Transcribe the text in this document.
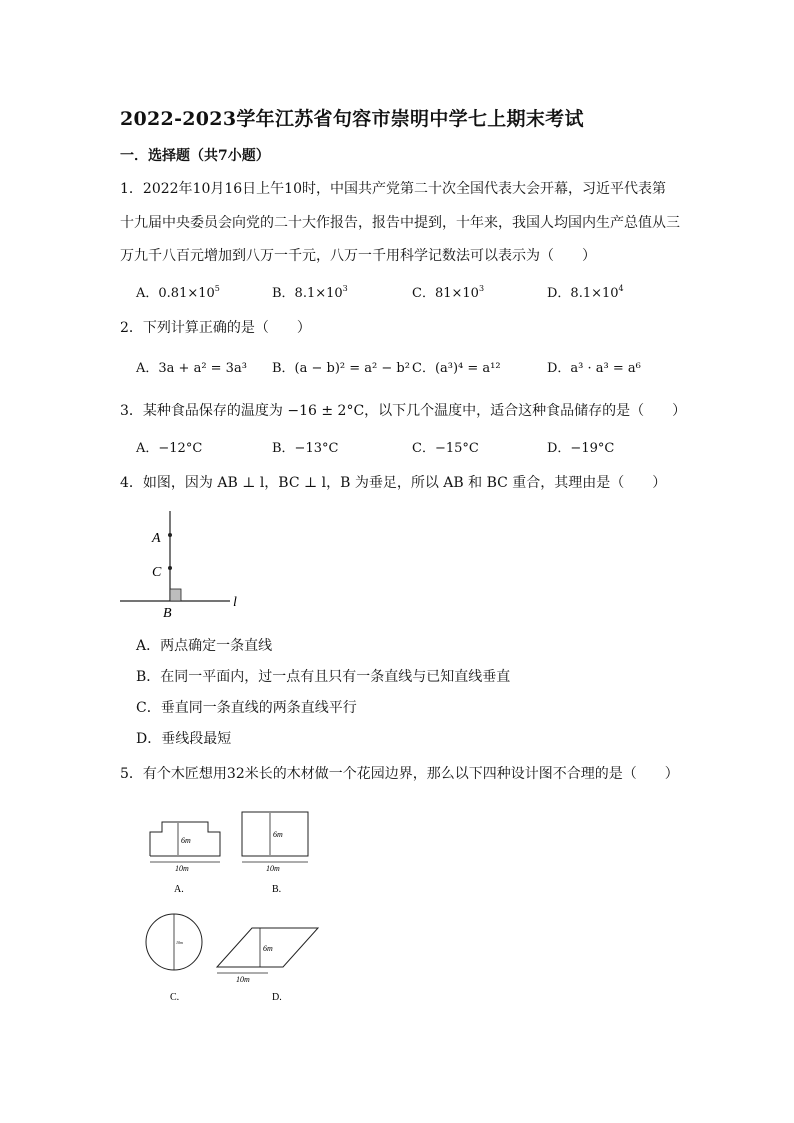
2022-2023学年江苏省句容市崇明中学七上期末考试
一．选择题（共7小题）
1．2022年10月16日上午10时，中国共产党第二十次全国代表大会开幕，习近平代表第
十九届中央委员会向党的二十大作报告，报告中提到，十年来，我国人均国内生产总值从三
万九千八百元增加到八万一千元，八万一千用科学记数法可以表示为（　　）
A．$0.81\times 10^5$	B．$8.1\times 10^3$	C．$81\times 10^3$	D．$8.1\times 10^4$
2．下列计算正确的是（　　）
A．3a + a² = 3a³ B．(a − b)² = a² − b² C．(a³)⁴ = a¹²	D．a³ · a³ = a⁶
3．某种食品保存的温度为 −16 ± 2°C，以下几个温度中，适合这种食品储存的是（　　）
A．−12°C	B．−13°C	C．−15°C	D．−19°C
4．如图，因为 AB ⊥ l，BC ⊥ l，B 为垂足，所以 AB 和 BC 重合，其理由是（　　）
A
C
B
l
A．两点确定一条直线
B．在同一平面内，过一点有且只有一条直线与已知直线垂直
C．垂直同一条直线的两条直线平行
D．垂线段最短
5．有个木匠想用32米长的木材做一个花园边界，那么以下四种设计图不合理的是（　　）
6m
10m
A.
6m
10m
B.
10m
C.
6m
10m
D.
